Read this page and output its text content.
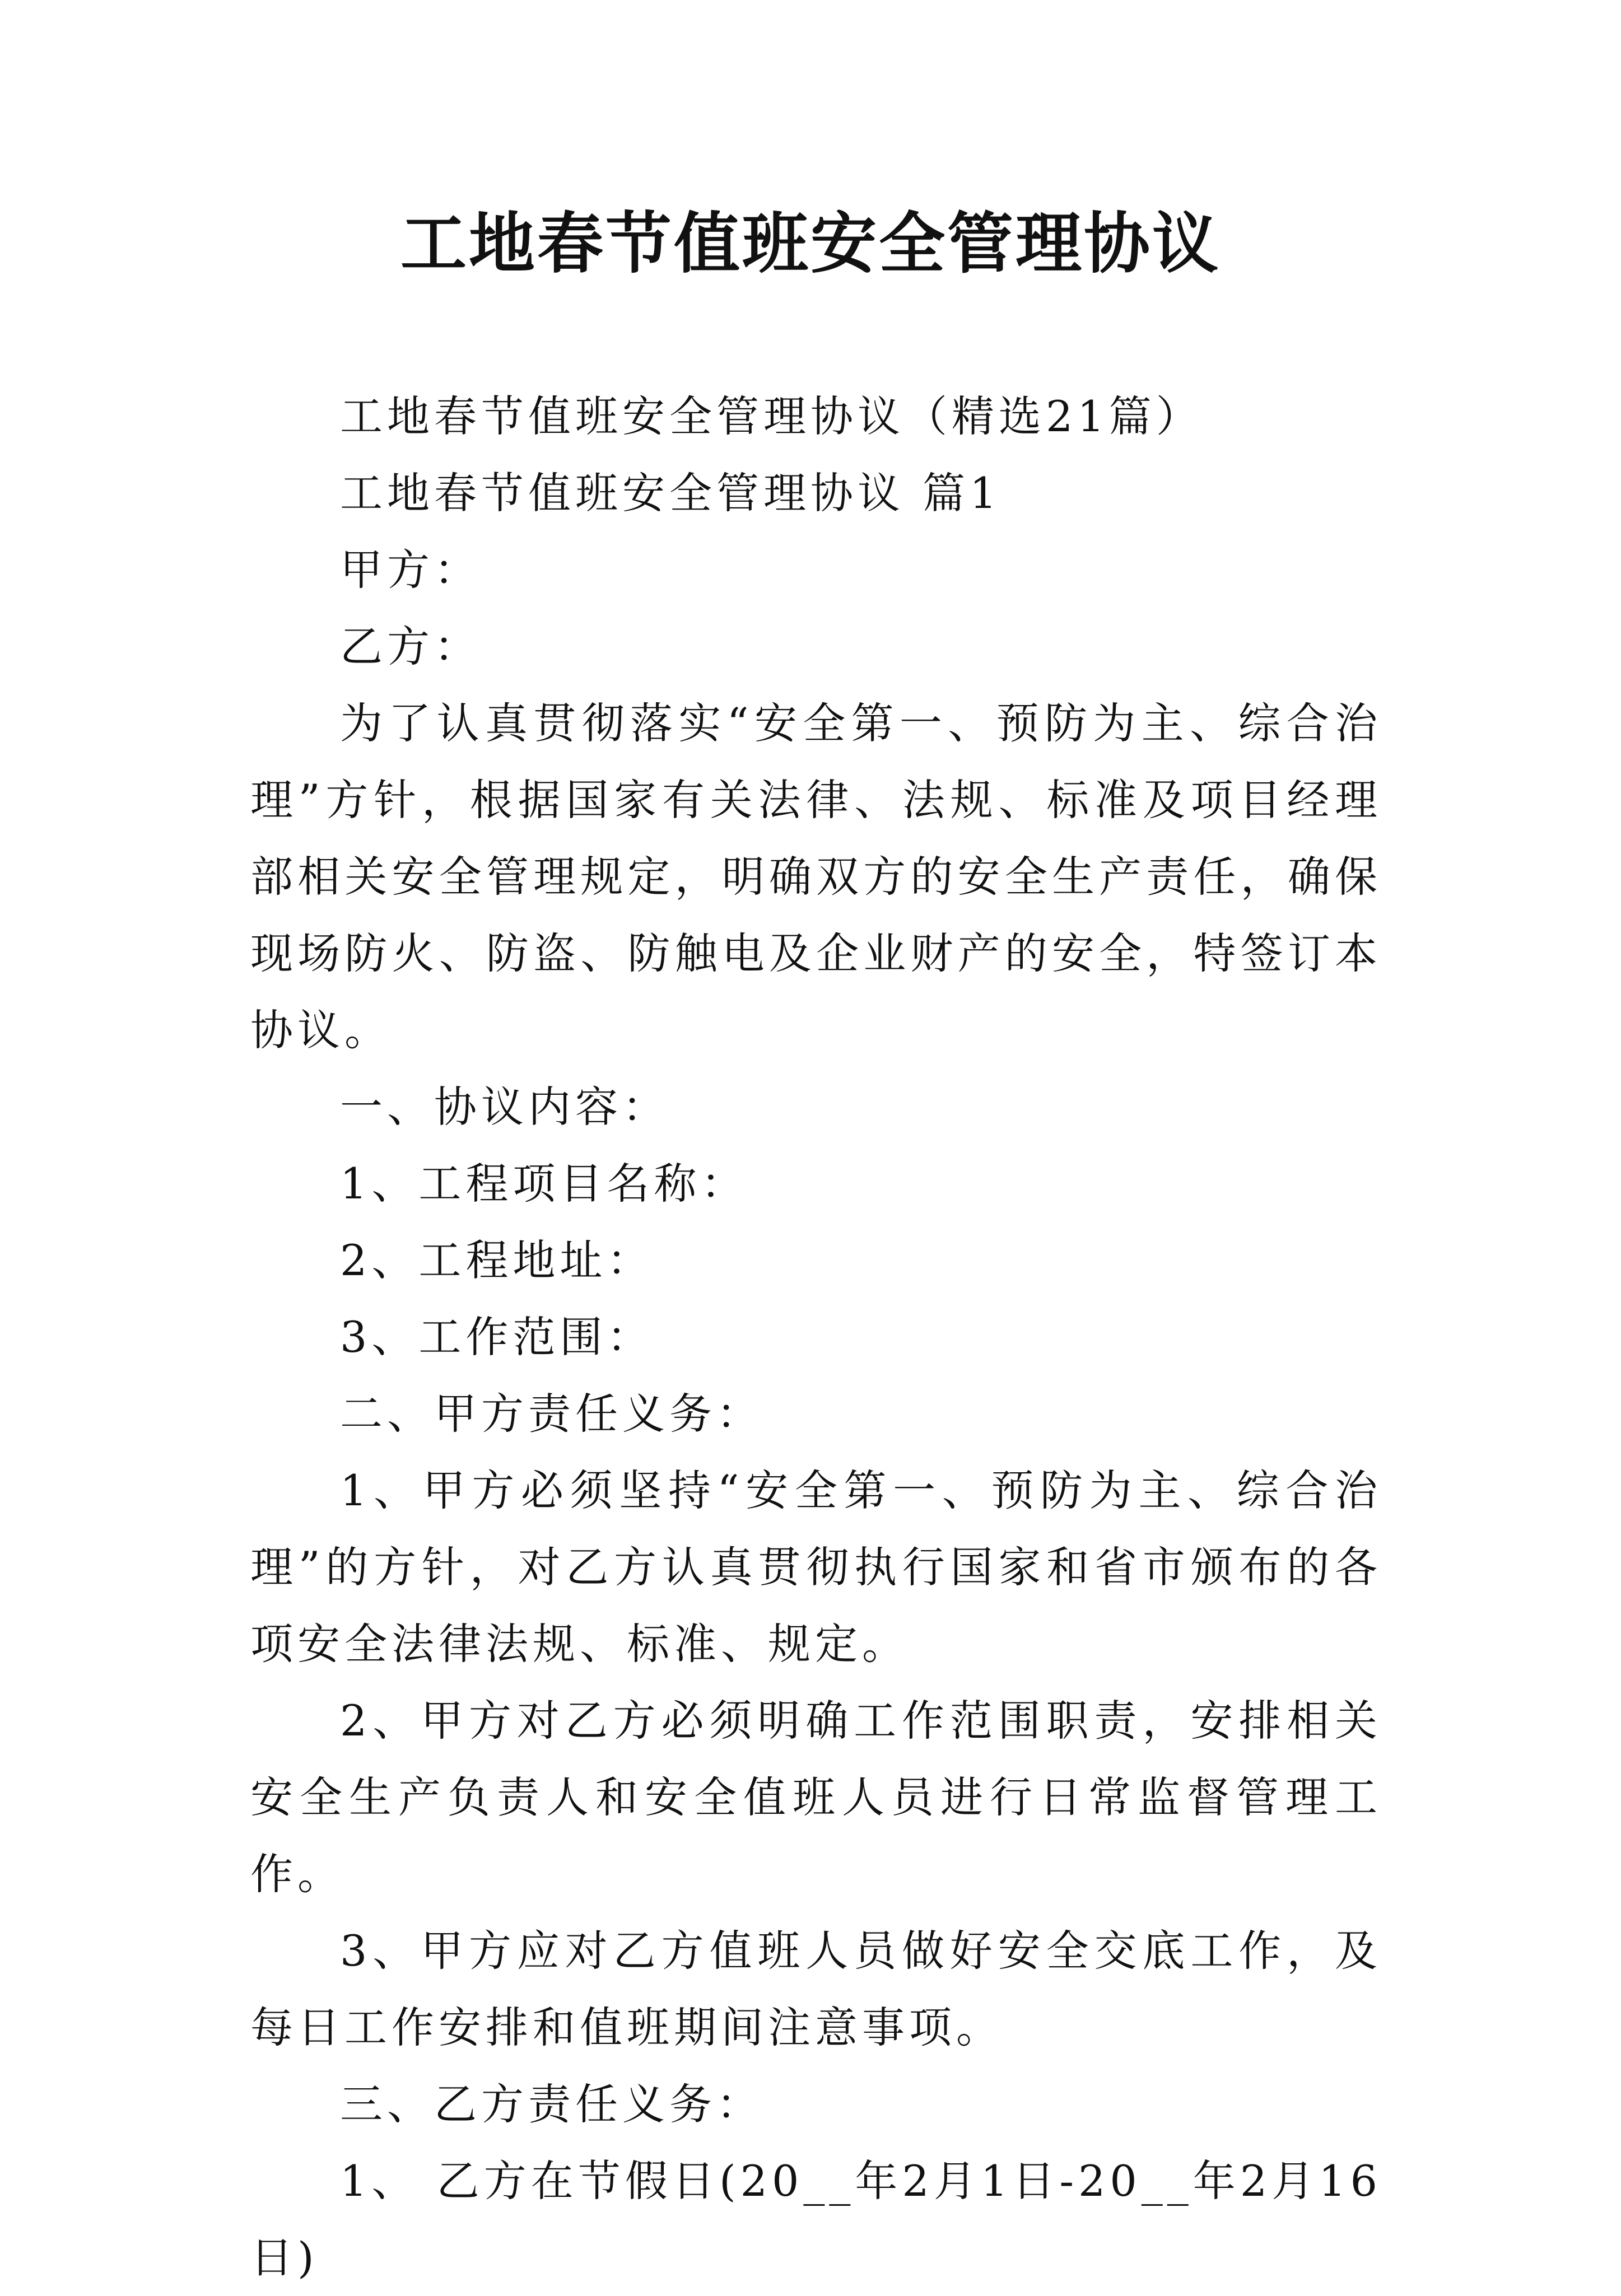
工地春节值班安全管理协议

工地春节值班安全管理协议（精选21篇）

工地春节值班安全管理协议 篇1

甲方：

乙方：

为了认真贯彻落实“安全第一、预防为主、综合治理”方针，根据国家有关法律、法规、标准及项目经理部相关安全管理规定，明确双方的安全生产责任，确保现场防火、防盗、防触电及企业财产的安全，特签订本协议。

一、协议内容：

1、工程项目名称：

2、工程地址：

3、工作范围：

二、甲方责任义务：

1、甲方必须坚持“安全第一、预防为主、综合治理”的方针，对乙方认真贯彻执行国家和省市颁布的各项安全法律法规、标准、规定。

2、甲方对乙方必须明确工作范围职责，安排相关安全生产负责人和安全值班人员进行日常监督管理工作。

3、甲方应对乙方值班人员做好安全交底工作，及每日工作安排和值班期间注意事项。

三、乙方责任义务：

1、 乙方在节假日(20__年2月1日-20__年2月16日)
